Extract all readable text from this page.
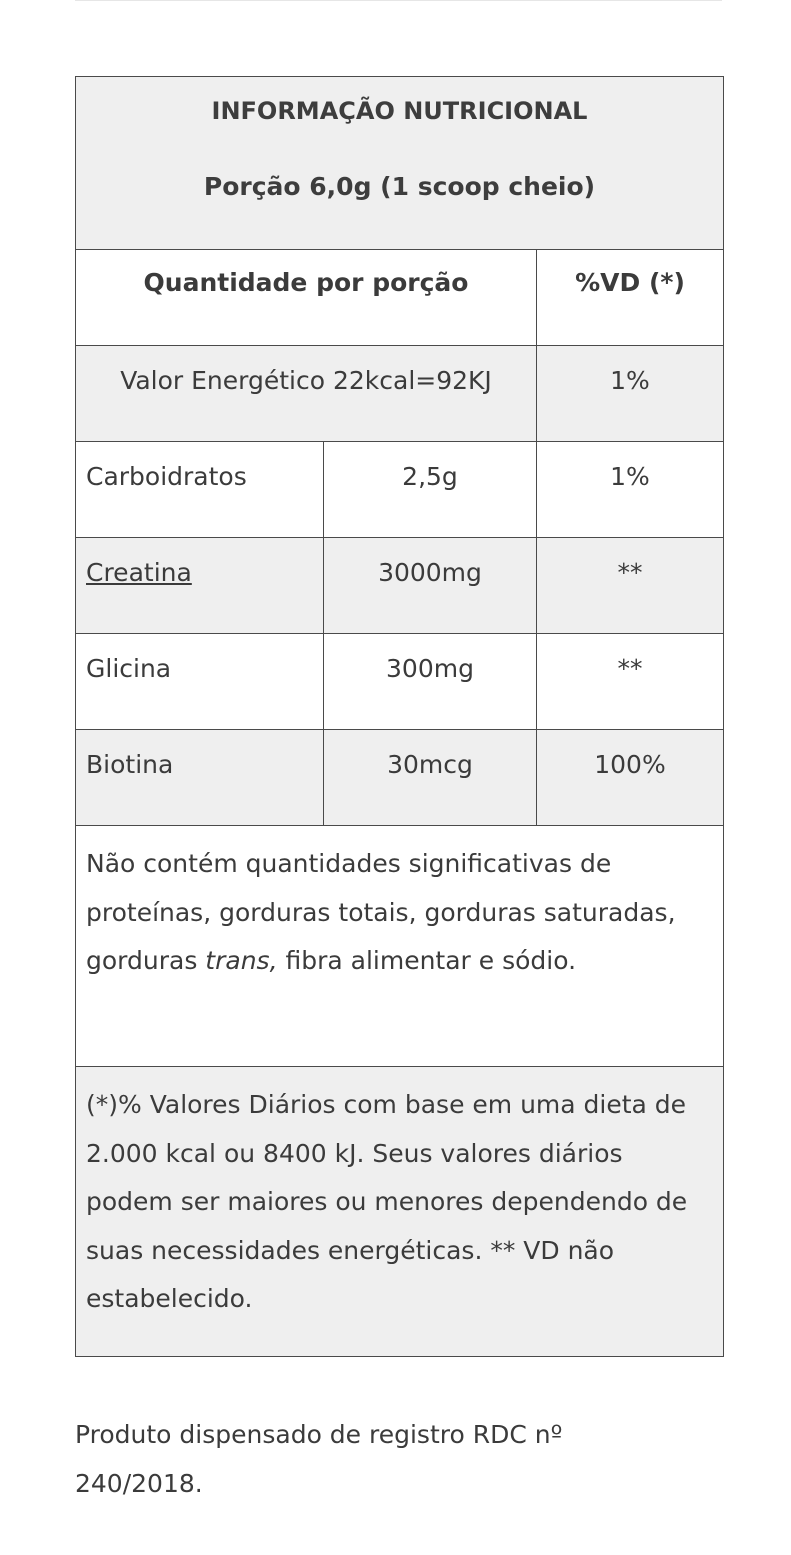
INFORMAÇÃO NUTRICIONAL
Porção 6,0g (1 scoop cheio)		

Quantidade por porção		%VD (*)

Valor Energético 22kcal=92KJ		1%

Carboidratos	2,5g	1%

Creatina	3000mg	**

Glicina	300mg	**

Biotina	30mcg	100%

Não contém quantidades significativas de proteínas, gorduras totais, gorduras saturadas, gorduras trans, fibra alimentar e sódio.		

(*)% Valores Diários com base em uma dieta de 2.000 kcal ou 8400 kJ. Seus valores diários podem ser maiores ou menores dependendo de suas necessidades energéticas. ** VD não estabelecido.		
Produto dispensado de registro RDC nº 240/2018.
